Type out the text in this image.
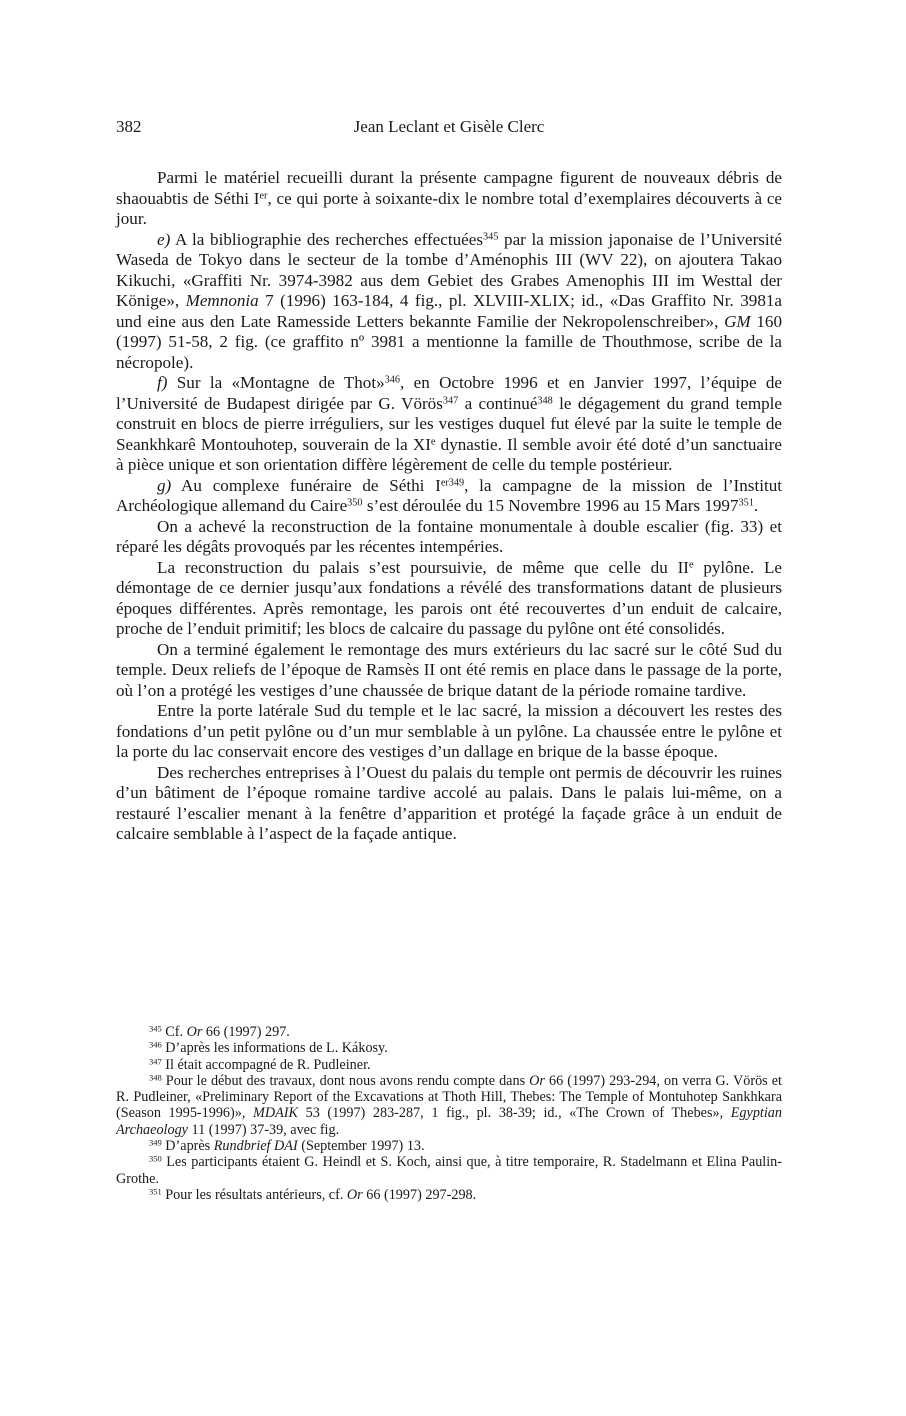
382	Jean Leclant et Gisèle Clerc

Parmi le matériel recueilli durant la présente campagne figurent de nouveaux débris de shaouabtis de Séthi Ier, ce qui porte à soixante-dix le nombre total d’exemplaires découverts à ce jour.

e) A la bibliographie des recherches effectuées$^{345}$ par la mission japonaise de l’Université Waseda de Tokyo dans le secteur de la tombe d’Aménophis III (WV 22), on ajoutera Takao Kikuchi, «Graffiti Nr. 3974-3982 aus dem Gebiet des Grabes Amenophis III im Westtal der Könige», Memnonia 7 (1996) 163-184, 4 fig., pl. XLVIII-XLIX; id., «Das Graffito Nr. 3981a und eine aus den Late Ramesside Letters bekannte Familie der Nekropolenschreiber», GM 160 (1997) 51-58, 2 fig. (ce graffito nº 3981 a mentionne la famille de Thouthmose, scribe de la nécropole).

f) Sur la «Montagne de Thot»$^{346}$, en Octobre 1996 et en Janvier 1997, l’équipe de l’Université de Budapest dirigée par G. Vörös$^{347}$ a continué$^{348}$ le dégagement du grand temple construit en blocs de pierre irréguliers, sur les vestiges duquel fut élevé par la suite le temple de Seankhkarê Montouhotep, souverain de la XIe dynastie. Il semble avoir été doté d’un sanctuaire à pièce unique et son orientation diffère légèrement de celle du temple postérieur.

g) Au complexe funéraire de Séthi $I^{er349}$, la campagne de la mission de l’Institut Archéologique allemand du Caire$^{350}$ s’est déroulée du 15 Novembre 1996 au 15 Mars 1997$^{351}$.

On a achevé la reconstruction de la fontaine monumentale à double escalier (fig. 33) et réparé les dégâts provoqués par les récentes intempéries.

La reconstruction du palais s’est poursuivie, de même que celle du IIe pylône. Le démontage de ce dernier jusqu’aux fondations a révélé des transformations datant de plusieurs époques différentes. Après remontage, les parois ont été recouvertes d’un enduit de calcaire, proche de l’enduit primitif; les blocs de calcaire du passage du pylône ont été consolidés.

On a terminé également le remontage des murs extérieurs du lac sacré sur le côté Sud du temple. Deux reliefs de l’époque de Ramsès II ont été remis en place dans le passage de la porte, où l’on a protégé les vestiges d’une chaussée de brique datant de la période romaine tardive.

Entre la porte latérale Sud du temple et le lac sacré, la mission a découvert les restes des fondations d’un petit pylône ou d’un mur semblable à un pylône. La chaussée entre le pylône et la porte du lac conservait encore des vestiges d’un dallage en brique de la basse époque.

Des recherches entreprises à l’Ouest du palais du temple ont permis de découvrir les ruines d’un bâtiment de l’époque romaine tardive accolé au palais. Dans le palais lui-même, on a restauré l’escalier menant à la fenêtre d’apparition et protégé la façade grâce à un enduit de calcaire semblable à l’aspect de la façade antique.

$^{345}$ Cf. Or 66 (1997) 297.

$^{346}$ D’après les informations de L. Kákosy.

$^{347}$ Il était accompagné de R. Pudleiner.

$^{348}$ Pour le début des travaux, dont nous avons rendu compte dans Or 66 (1997) 293-294, on verra G. Vörös et R. Pudleiner, «Preliminary Report of the Excavations at Thoth Hill, Thebes: The Temple of Montuhotep Sankhkara (Season 1995-1996)», MDAIK 53 (1997) 283-287, 1 fig., pl. 38-39; id., «The Crown of Thebes», Egyptian Archaeology 11 (1997) 37-39, avec fig.

$^{349}$ D’après Rundbrief DAI (September 1997) 13.

$^{350}$ Les participants étaient G. Heindl et S. Koch, ainsi que, à titre temporaire, R. Stadelmann et Elina Paulin-Grothe.

$^{351}$ Pour les résultats antérieurs, cf. Or 66 (1997) 297-298.
